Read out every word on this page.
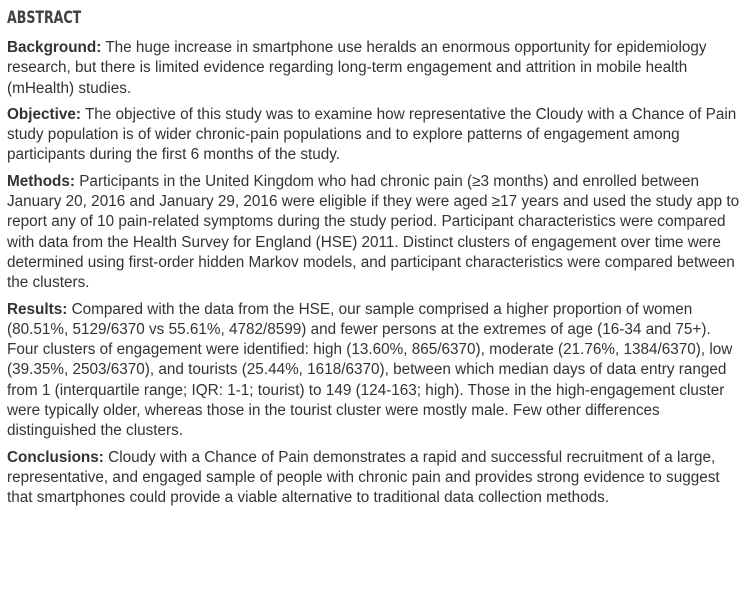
ABSTRACT

Background: The huge increase in smartphone use heralds an enormous opportunity for epidemiology research, but there is limited evidence regarding long-term engagement and attrition in mobile health (mHealth) studies.

Objective: The objective of this study was to examine how representative the Cloudy with a Chance of Pain study population is of wider chronic-pain populations and to explore patterns of engagement among participants during the first 6 months of the study.

Methods: Participants in the United Kingdom who had chronic pain (≥3 months) and enrolled between January 20, 2016 and January 29, 2016 were eligible if they were aged ≥17 years and used the study app to report any of 10 pain-related symptoms during the study period. Participant characteristics were compared with data from the Health Survey for England (HSE) 2011. Distinct clusters of engagement over time were determined using first-order hidden Markov models, and participant characteristics were compared between the clusters.

Results: Compared with the data from the HSE, our sample comprised a higher proportion of women (80.51%, 5129/6370 vs 55.61%, 4782/8599) and fewer persons at the extremes of age (16-34 and 75+). Four clusters of engagement were identified: high (13.60%, 865/6370), moderate (21.76%, 1384/6370), low (39.35%, 2503/6370), and tourists (25.44%, 1618/6370), between which median days of data entry ranged from 1 (interquartile range; IQR: 1-1; tourist) to 149 (124-163; high). Those in the high-engagement cluster were typically older, whereas those in the tourist cluster were mostly male. Few other differences distinguished the clusters.

Conclusions: Cloudy with a Chance of Pain demonstrates a rapid and successful recruitment of a large, representative, and engaged sample of people with chronic pain and provides strong evidence to suggest that smartphones could provide a viable alternative to traditional data collection methods.
